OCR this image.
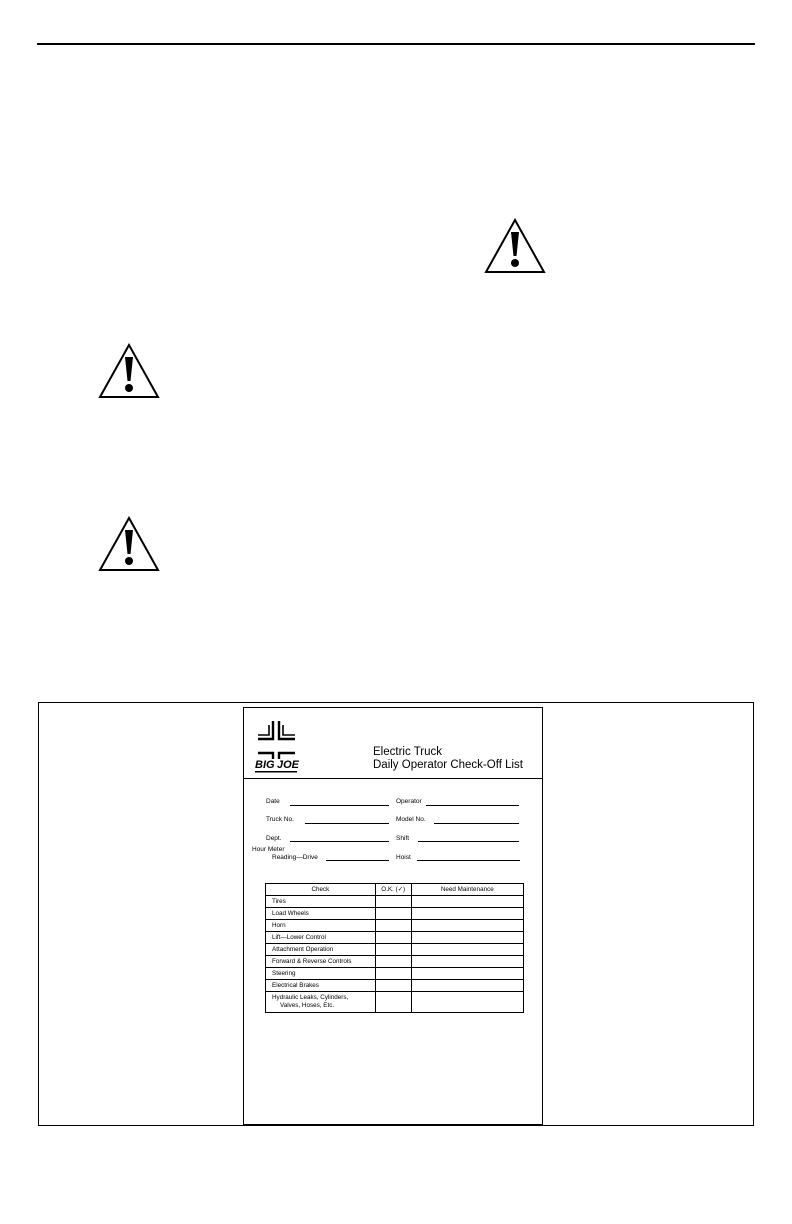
BIG JOE
Electric Truck
Daily Operator Check-Off List
Date	Operator
Truck No.	Model No.
Dept.	Shift
Hour Meter
Reading—Drive	Hoist
Check	O.K. (✓)	Need Maintenance
Tires		
Load Wheels		
Horn		
Lift—Lower Control		
Attachment Operation		
Forward & Reverse Controls		
Steering		
Electrical Brakes		

Hydraulic Leaks, Cylinders,
Valves, Hoses, Etc.		
